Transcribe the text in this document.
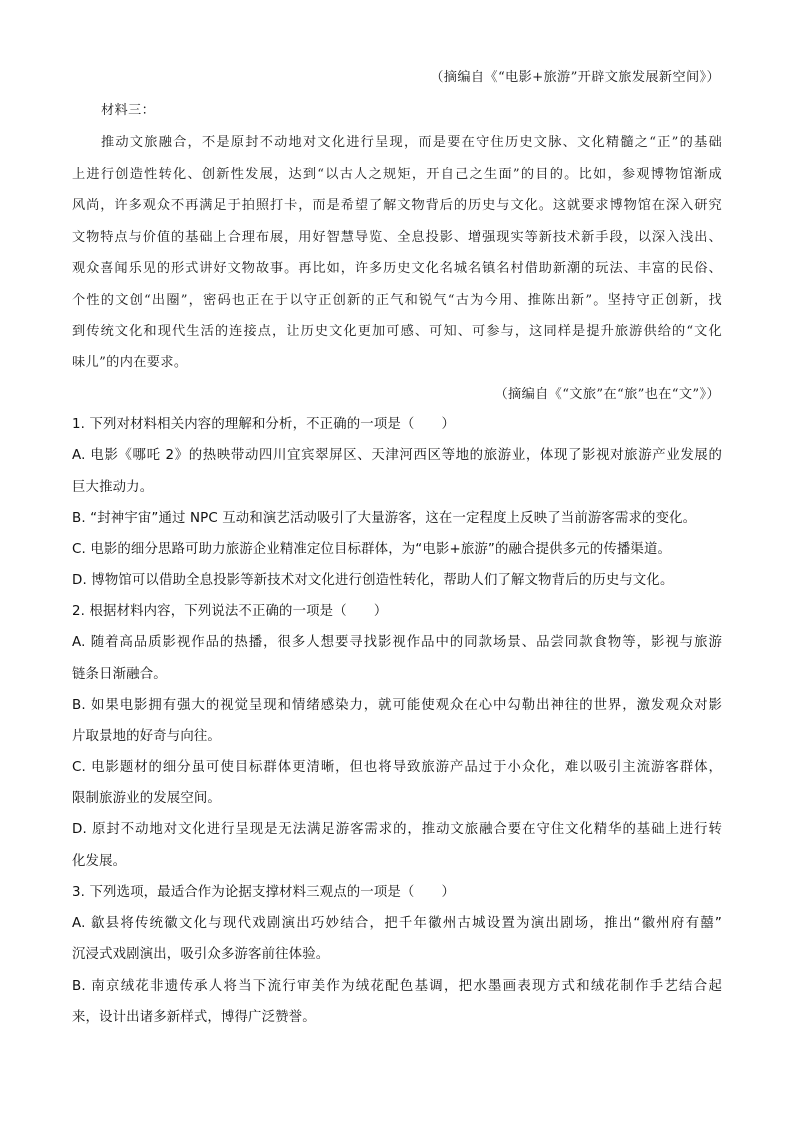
（摘编自《“电影+旅游”开辟文旅发展新空间》）
材料三：
推动文旅融合，不是原封不动地对文化进行呈现，而是要在守住历史文脉、文化精髓之“正”的基础
上进行创造性转化、创新性发展，达到“以古人之规矩，开自己之生面”的目的。比如，参观博物馆渐成
风尚，许多观众不再满足于拍照打卡，而是希望了解文物背后的历史与文化。这就要求博物馆在深入研究
文物特点与价值的基础上合理布展，用好智慧导览、全息投影、增强现实等新技术新手段，以深入浅出、
观众喜闻乐见的形式讲好文物故事。再比如，许多历史文化名城名镇名村借助新潮的玩法、丰富的民俗、
个性的文创“出圈”，密码也正在于以守正创新的正气和锐气“古为今用、推陈出新”。坚持守正创新，找
到传统文化和现代生活的连接点，让历史文化更加可感、可知、可参与，这同样是提升旅游供给的“文化
味儿”的内在要求。
（摘编自《“文旅”在“旅”也在“文”》）
1. 下列对材料相关内容的理解和分析，不正确的一项是（　　）
A. 电影《哪吒 2》的热映带动四川宜宾翠屏区、天津河西区等地的旅游业，体现了影视对旅游产业发展的
巨大推动力。
B. “封神宇宙”通过 NPC 互动和演艺活动吸引了大量游客，这在一定程度上反映了当前游客需求的变化。
C. 电影的细分思路可助力旅游企业精准定位目标群体，为“电影+旅游”的融合提供多元的传播渠道。
D. 博物馆可以借助全息投影等新技术对文化进行创造性转化，帮助人们了解文物背后的历史与文化。
2. 根据材料内容，下列说法不正确的一项是（　　）
A. 随着高品质影视作品的热播，很多人想要寻找影视作品中的同款场景、品尝同款食物等，影视与旅游
链条日渐融合。
B. 如果电影拥有强大的视觉呈现和情绪感染力，就可能使观众在心中勾勒出神往的世界，激发观众对影
片取景地的好奇与向往。
C. 电影题材的细分虽可使目标群体更清晰，但也将导致旅游产品过于小众化，难以吸引主流游客群体，
限制旅游业的发展空间。
D. 原封不动地对文化进行呈现是无法满足游客需求的，推动文旅融合要在守住文化精华的基础上进行转
化发展。
3. 下列选项，最适合作为论据支撑材料三观点的一项是（　　）
A. 歙县将传统徽文化与现代戏剧演出巧妙结合，把千年徽州古城设置为演出剧场，推出“徽州府有囍”
沉浸式戏剧演出，吸引众多游客前往体验。
B. 南京绒花非遗传承人将当下流行审美作为绒花配色基调，把水墨画表现方式和绒花制作手艺结合起
来，设计出诸多新样式，博得广泛赞誉。
